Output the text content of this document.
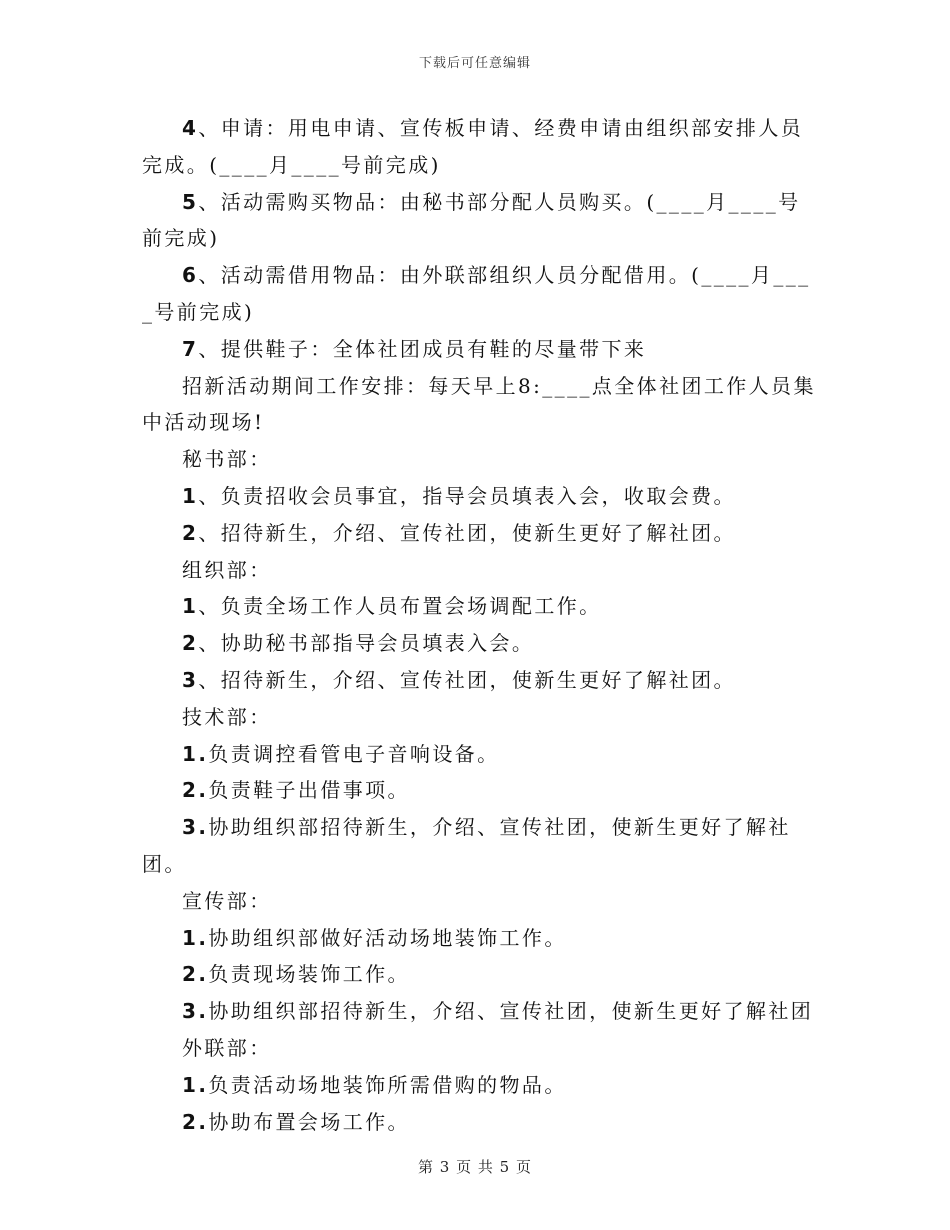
下载后可任意编辑

4、申请：用电申请、宣传板申请、经费申请由组织部安排人员完成。(____月____号前完成)

5、活动需购买物品：由秘书部分配人员购买。(____月____号前完成)

6、活动需借用物品：由外联部组织人员分配借用。(____月____号前完成)

7、提供鞋子：全体社团成员有鞋的尽量带下来

招新活动期间工作安排：每天早上8:____点全体社团工作人员集中活动现场!

秘书部：

1、负责招收会员事宜，指导会员填表入会，收取会费。

2、招待新生，介绍、宣传社团，使新生更好了解社团。

组织部：

1、负责全场工作人员布置会场调配工作。

2、协助秘书部指导会员填表入会。

3、招待新生，介绍、宣传社团，使新生更好了解社团。

技术部：

1.负责调控看管电子音响设备。

2.负责鞋子出借事项。

3.协助组织部招待新生，介绍、宣传社团，使新生更好了解社团。

宣传部：

1.协助组织部做好活动场地装饰工作。

2.负责现场装饰工作。

3.协助组织部招待新生，介绍、宣传社团，使新生更好了解社团

外联部：

1.负责活动场地装饰所需借购的物品。

2.协助布置会场工作。

第 3 页 共 5 页
